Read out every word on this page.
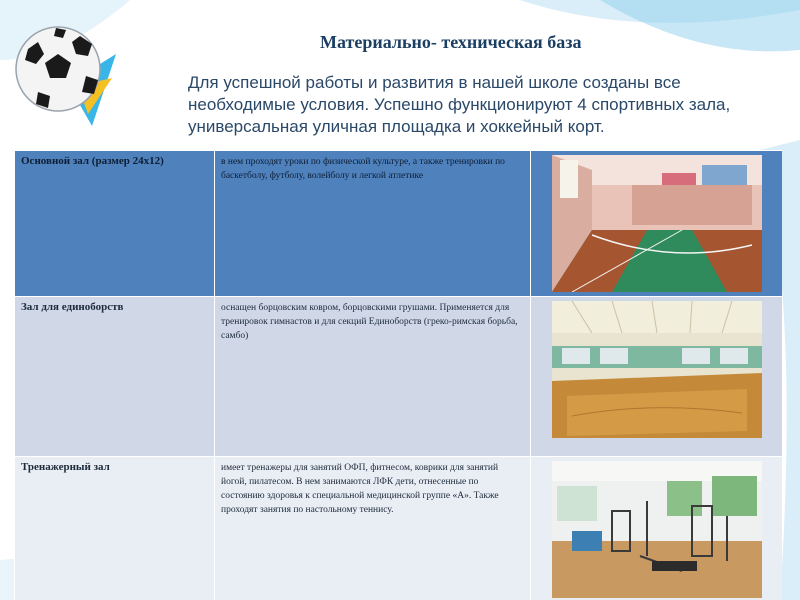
Материально- техническая база
Для успешной работы и развития в нашей школе созданы все необходимые условия. Успешно функционируют 4 спортивных зала, универсальная уличная площадка и хоккейный корт.
Основной зал (размер 24x12)	в нем проходят уроки по физической культуре, а также тренировки по баскетболу, футболу, волейболу и легкой атлетике	

Зал для единоборств	оснащен борцовским ковром, борцовскими грушами. Применяется для тренировок гимнастов и для секций Единоборств (греко-римская борьба, самбо)	

Тренажерный зал	имеет тренажеры для занятий ОФП, фитнесом, коврики для занятий йогой, пилатесом. В нем занимаются ЛФК дети, отнесенные по состоянию здоровья к специальной медицинской группе «А». Также проходят занятия по настольному теннису.	
